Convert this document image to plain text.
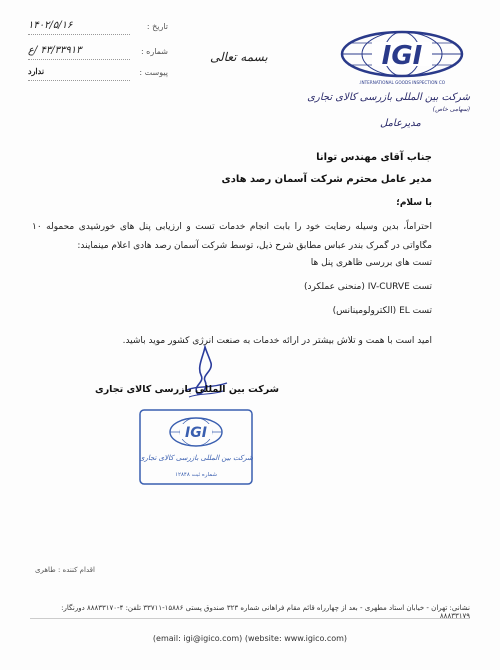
تاریخ :
۱۴۰۲/۵/۱۶
شماره :
۴۳/۳۳۹۱۳ /ع
پیوست :
ندارد
بسمه تعالی	IGI
INTERNATIONAL GOODS INSPECTION CO.
شرکت بین المللی بازرسی کالای تجاری (سهامی خاص)
مدیرعامل
جناب آقای مهندس توانا
مدیر عامل محترم شرکت آسمان رصد هادی
با سلام؛
احتراماً، بدین وسیله رضایت خود را بابت انجام خدمات تست و ارزیابی پنل های خورشیدی محموله ۱۰ مگاواتی در گمرک بندر عباس مطابق شرح ذیل، توسط شرکت آسمان رصد هادی اعلام مینمایند:
تست های بررسی ظاهری پنل ها
تست IV-CURVE (منحنی عملکرد)
تست EL (الکترولومینانس)
امید است با همت و تلاش بیشتر در ارائه خدمات به صنعت انرژی کشور موید باشید.
شرکت بین المللی بازرسی کالای تجاری
IGI
شرکت بین المللی بازرسی کالای تجاری
شماره ثبت ۱۲۸۴۸
اقدام کننده : طاهری
نشانی: تهران - خیابان استاد مطهری - بعد از چهارراه قائم مقام فراهانی شماره ۳۲۳ صندوق پستی ۱۵۸۸۶-۳۳۷۱۱ تلفن: ۴-۸۸۸۳۳۱۷۰ دورنگار: ۸۸۸۳۳۱۷۹
(email: igi@igico.com) (website: www.igico.com)
